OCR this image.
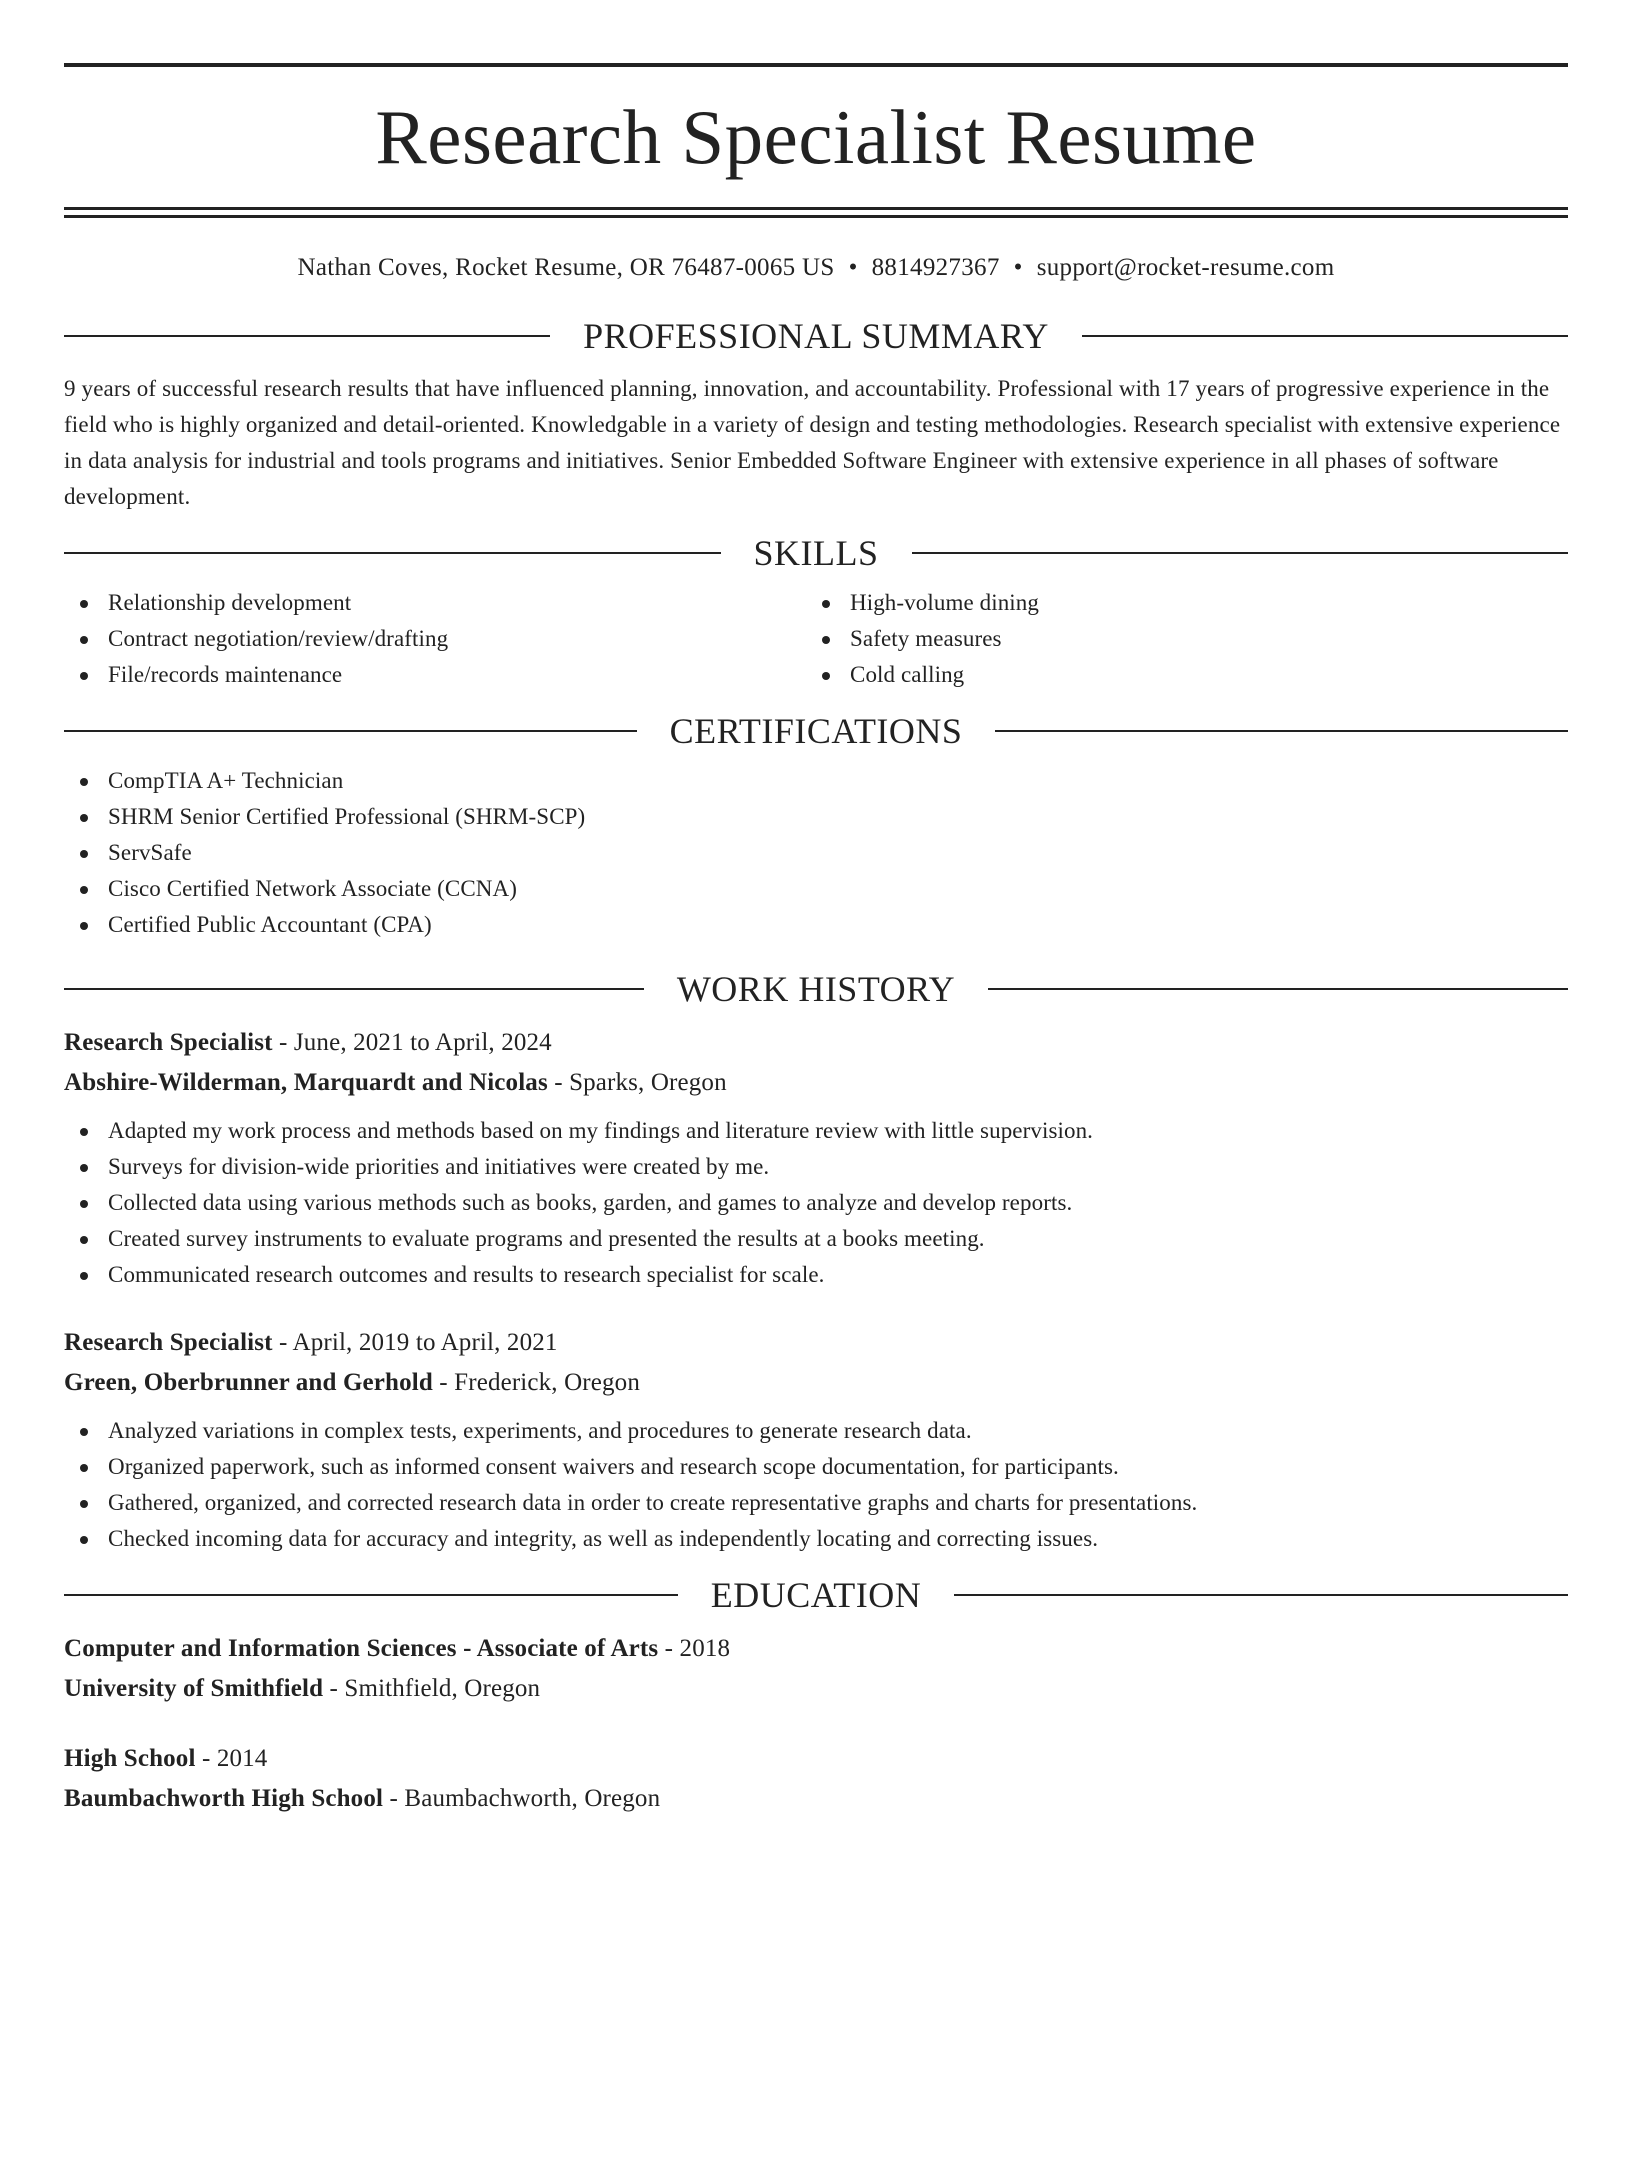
Research Specialist Resume
Nathan Coves, Rocket Resume, OR 76487-0065 US • 8814927367 • support@rocket-resume.com
PROFESSIONAL SUMMARY

9 years of successful research results that have influenced planning, innovation, and accountability. Professional with 17 years of progressive experience in the field who is highly organized and detail-oriented. Knowledgable in a variety of design and testing methodologies. Research specialist with extensive experience in data analysis for industrial and tools programs and initiatives. Senior Embedded Software Engineer with extensive experience in all phases of software development.

SKILLS
Relationship development
Contract negotiation/review/drafting
File/records maintenance
High-volume dining
Safety measures
Cold calling
CERTIFICATIONS
CompTIA A+ Technician
SHRM Senior Certified Professional (SHRM-SCP)
ServSafe
Cisco Certified Network Associate (CCNA)
Certified Public Accountant (CPA)
WORK HISTORY
Research Specialist - June, 2021 to April, 2024
Abshire-Wilderman, Marquardt and Nicolas - Sparks, Oregon
Adapted my work process and methods based on my findings and literature review with little supervision.
Surveys for division-wide priorities and initiatives were created by me.
Collected data using various methods such as books, garden, and games to analyze and develop reports.
Created survey instruments to evaluate programs and presented the results at a books meeting.
Communicated research outcomes and results to research specialist for scale.
Research Specialist - April, 2019 to April, 2021
Green, Oberbrunner and Gerhold - Frederick, Oregon
Analyzed variations in complex tests, experiments, and procedures to generate research data.
Organized paperwork, such as informed consent waivers and research scope documentation, for participants.
Gathered, organized, and corrected research data in order to create representative graphs and charts for presentations.
Checked incoming data for accuracy and integrity, as well as independently locating and correcting issues.
EDUCATION
Computer and Information Sciences - Associate of Arts - 2018
University of Smithfield - Smithfield, Oregon
High School - 2014
Baumbachworth High School - Baumbachworth, Oregon
